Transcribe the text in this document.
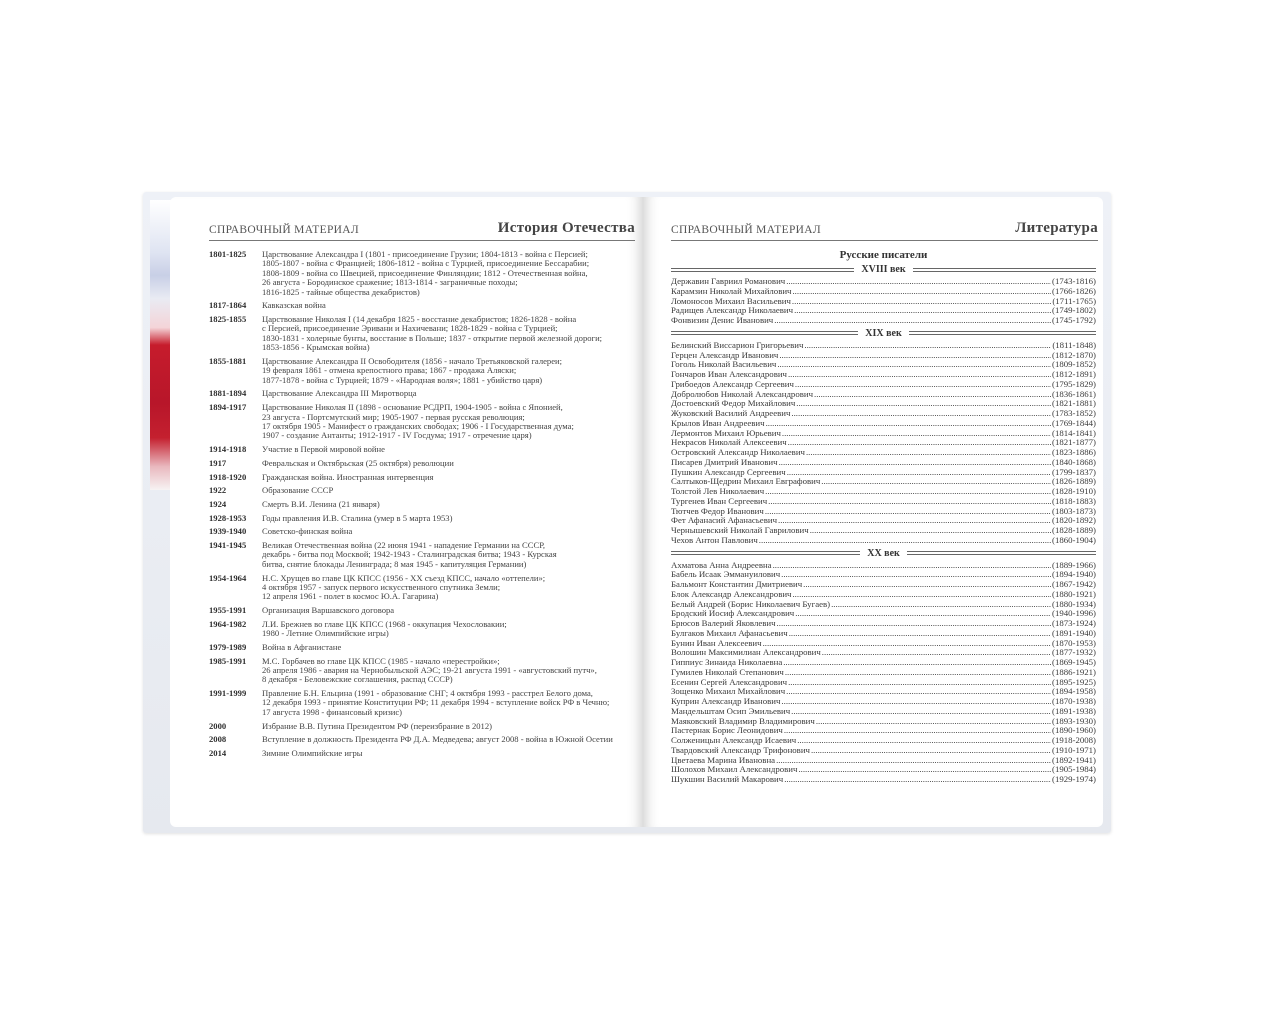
СПРАВОЧНЫЙ МАТЕРИАЛ	История Отечества
1801-1825	Царствование Александра I (1801 - присоединение Грузии; 1804-1813 - война с Персией;
1805-1807 - война с Францией; 1806-1812 - война с Турцией, присоединение Бессарабии;
1808-1809 - война со Швецией, присоединение Финляндии; 1812 - Отечественная война,
26 августа - Бородинское сражение; 1813-1814 - заграничные походы;
1816-1825 - тайные общества декабристов)
1817-1864	Кавказская война
1825-1855	Царствование Николая I (14 декабря 1825 - восстание декабристов; 1826-1828 - война
с Персией, присоединение Эривани и Нахичевани; 1828-1829 - война с Турцией;
1830-1831 - холерные бунты, восстание в Польше; 1837 - открытие первой железной дороги;
1853-1856 - Крымская война)
1855-1881	Царствование Александра II Освободителя (1856 - начало Третьяковской галереи;
19 февраля 1861 - отмена крепостного права; 1867 - продажа Аляски;
1877-1878 - война с Турцией; 1879 - «Народная воля»; 1881 - убийство царя)
1881-1894	Царствование Александра III Миротворца
1894-1917	Царствование Николая II (1898 - основание РСДРП, 1904-1905 - война с Японией,
23 августа - Портсмутский мир; 1905-1907 - первая русская революция;
17 октября 1905 - Манифест о гражданских свободах; 1906 - I Государственная дума;
1907 - создание Антанты; 1912-1917 - IV Госдума; 1917 - отречение царя)
1914-1918	Участие в Первой мировой войне
1917	Февральская и Октябрьская (25 октября) революции
1918-1920	Гражданская война. Иностранная интервенция
1922	Образование СССР
1924	Смерть В.И. Ленина (21 января)
1928-1953	Годы правления И.В. Сталина (умер в 5 марта 1953)
1939-1940	Советско-финская война
1941-1945	Великая Отечественная война (22 июня 1941 - нападение Германии на СССР,
декабрь - битва под Москвой; 1942-1943 - Сталинградская битва; 1943 - Курская
битва, снятие блокады Ленинграда; 8 мая 1945 - капитуляция Германии)
1954-1964	Н.С. Хрущев во главе ЦК КПСС (1956 - XX съезд КПСС, начало «оттепели»;
4 октября 1957 - запуск первого искусственного спутника Земли;
12 апреля 1961 - полет в космос Ю.А. Гагарина)
1955-1991	Организация Варшавского договора
1964-1982	Л.И. Брежнев во главе ЦК КПСС (1968 - оккупация Чехословакии;
1980 - Летние Олимпийские игры)
1979-1989	Война в Афганистане
1985-1991	М.С. Горбачев во главе ЦК КПСС (1985 - начало «перестройки»;
26 апреля 1986 - авария на Чернобыльской АЭС; 19-21 августа 1991 - «августовский путч»,
8 декабря - Беловежские соглашения, распад СССР)
1991-1999	Правление Б.Н. Ельцина (1991 - образование СНГ; 4 октября 1993 - расстрел Белого дома,
12 декабря 1993 - принятие Конституции РФ; 11 декабря 1994 - вступление войск РФ в Чечню;
17 августа 1998 - финансовый кризис)
2000	Избрание В.В. Путина Президентом РФ (переизбрание в 2012)
2008	Вступление в должность Президента РФ Д.А. Медведева; август 2008 - война в Южной Осетии
2014	Зимние Олимпийские игры
СПРАВОЧНЫЙ МАТЕРИАЛ	Литература
Русские писатели
XVIII век
Державин Гавриил Романович .....	(1743-1816)
Карамзин Николай Михайлович .....	(1766-1826)
Ломоносов Михаил Васильевич .....	(1711-1765)
Радищев Александр Николаевич .....	(1749-1802)
Фонвизин Денис Иванович .....	(1745-1792)
XIX век
Белинский Виссарион Григорьевич .....	(1811-1848)
Герцен Александр Иванович .....	(1812-1870)
Гоголь Николай Васильевич .....	(1809-1852)
Гончаров Иван Александрович .....	(1812-1891)
Грибоедов Александр Сергеевич .....	(1795-1829)
Добролюбов Николай Александрович .....	(1836-1861)
Достоевский Федор Михайлович .....	(1821-1881)
Жуковский Василий Андреевич .....	(1783-1852)
Крылов Иван Андреевич .....	(1769-1844)
Лермонтов Михаил Юрьевич .....	(1814-1841)
Некрасов Николай Алексеевич .....	(1821-1877)
Островский Александр Николаевич .....	(1823-1886)
Писарев Дмитрий Иванович .....	(1840-1868)
Пушкин Александр Сергеевич .....	(1799-1837)
Салтыков-Щедрин Михаил Евграфович .....	(1826-1889)
Толстой Лев Николаевич .....	(1828-1910)
Тургенев Иван Сергеевич .....	(1818-1883)
Тютчев Федор Иванович .....	(1803-1873)
Фет Афанасий Афанасьевич .....	(1820-1892)
Чернышевский Николай Гаврилович .....	(1828-1889)
Чехов Антон Павлович .....	(1860-1904)
XX век
Ахматова Анна Андреевна .....	(1889-1966)
Бабель Исаак Эммануилович .....	(1894-1940)
Бальмонт Константин Дмитриевич .....	(1867-1942)
Блок Александр Александрович .....	(1880-1921)
Белый Андрей (Борис Николаевич Бугаев) .....	(1880-1934)
Бродский Иосиф Александрович .....	(1940-1996)
Брюсов Валерий Яковлевич .....	(1873-1924)
Булгаков Михаил Афанасьевич .....	(1891-1940)
Бунин Иван Алексеевич .....	(1870-1953)
Волошин Максимилиан Александрович .....	(1877-1932)
Гиппиус Зинаида Николаевна .....	(1869-1945)
Гумилев Николай Степанович .....	(1886-1921)
Есенин Сергей Александрович .....	(1895-1925)
Зощенко Михаил Михайлович .....	(1894-1958)
Куприн Александр Иванович .....	(1870-1938)
Мандельштам Осип Эмильевич .....	(1891-1938)
Маяковский Владимир Владимирович .....	(1893-1930)
Пастернак Борис Леонидович .....	(1890-1960)
Солженицын Александр Исаевич .....	(1918-2008)
Твардовский Александр Трифонович .....	(1910-1971)
Цветаева Марина Ивановна .....	(1892-1941)
Шолохов Михаил Александрович .....	(1905-1984)
Шукшин Василий Макарович .....	(1929-1974)
